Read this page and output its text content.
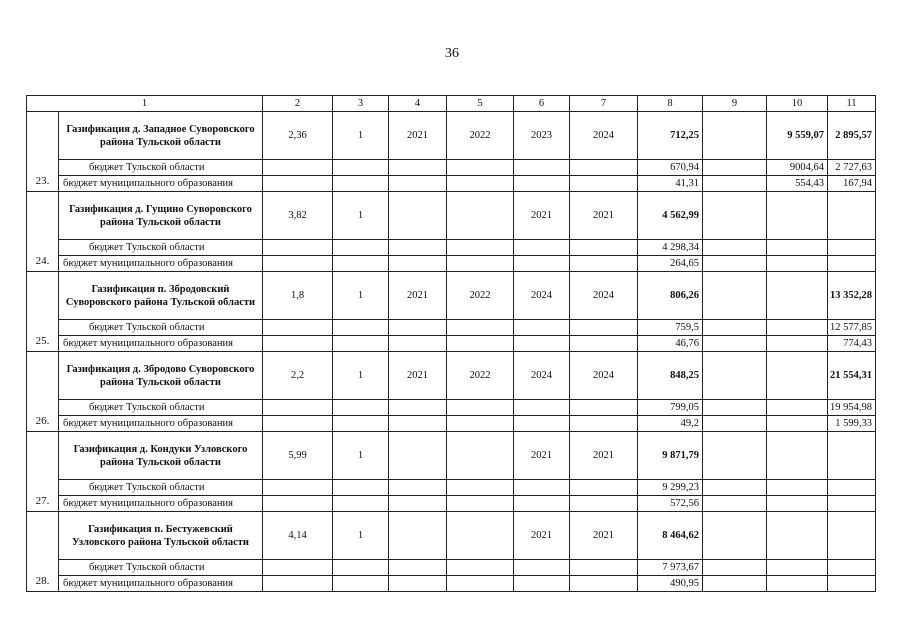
36
1		2	3	4	5	6	7	8	9	10	11
23.	Газификация д. Западное Суворовского района Тульской области	2,36	1	2021	2022	2023	2024	712,25		9 559,07	2 895,57
	бюджет Тульской области							670,94		9004,64	2 727,63
	бюджет муниципального образования							41,31		554,43	167,94
24.	Газификация д. Гущино Суворовского района Тульской области	3,82	1			2021	2021	4 562,99			
	бюджет Тульской области							4 298,34			
	бюджет муниципального образования							264,65			
25.	Газификация п. Збродовский Суворовского района Тульской области	1,8	1	2021	2022	2024	2024	806,26			13 352,28
	бюджет Тульской области							759,5			12 577,85
	бюджет муниципального образования							46,76			774,43
26.	Газификация д. Збродово Суворовского района Тульской области	2,2	1	2021	2022	2024	2024	848,25			21 554,31
	бюджет Тульской области							799,05			19 954,98
	бюджет муниципального образования							49,2			1 599,33
27.	Газификация д. Кондуки Узловского района Тульской области	5,99	1			2021	2021	9 871,79			
	бюджет Тульской области							9 299,23			
	бюджет муниципального образования							572,56			
28.	Газификация п. Бестужевский Узловского района Тульской области	4,14	1			2021	2021	8 464,62			
	бюджет Тульской области							7 973,67			
	бюджет муниципального образования							490,95			
